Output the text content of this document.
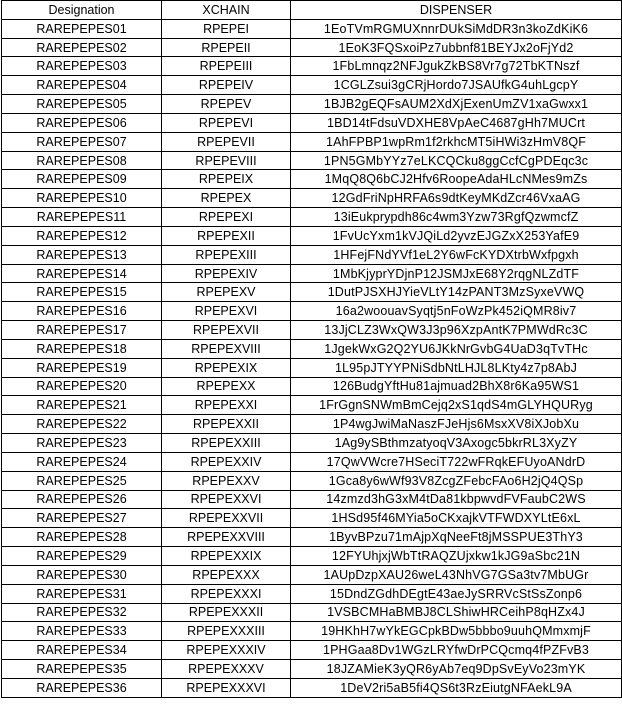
Designation	XCHAIN	DISPENSER
RAREPEPES01	RPEPEI	1EoTVmRGMUXnnrDUkSiMdDR3n3koZdKiK6
RAREPEPES02	RPEPEII	1EoK3FQSxoiPz7ubbnf81BEYJx2oFjYd2
RAREPEPES03	RPEPEIII	1FbLmnqz2NFJgukZkBS8Vr7g72TbKTNszf
RAREPEPES04	RPEPEIV	1CGLZsui3gCRjHordo7JSAUfkG4uhLgcpY
RAREPEPES05	RPEPEV	1BJB2gEQFsAUM2XdXjExenUmZV1xaGwxx1
RAREPEPES06	RPEPEVI	1BD14tFdsuVDXHE8VpAeC4687gHh7MUCrt
RAREPEPES07	RPEPEVII	1AhFPBP1wpRm1f2rkhcMT5iHWi3zHmV8QF
RAREPEPES08	RPEPEVIII	1PN5GMbYYz7eLKCQCku8ggCcfCgPDEqc3c
RAREPEPES09	RPEPEIX	1MqQ8Q6bCJ2Hfv6RoopeAdaHLcNMes9mZs
RAREPEPES10	RPEPEX	12GdFriNpHRFA6s9dtKeyMKdZcr46VxaAG
RAREPEPES11	RPEPEXI	13iEukprypdh86c4wm3Yzw73RgfQzwmcfZ
RAREPEPES12	RPEPEXII	1FvUcYxm1kVJQiLd2yvzEJGZxX253YafE9
RAREPEPES13	RPEPEXIII	1HFejFNdYVf1eL2Y6wFcKYDXtrbWxfpgxh
RAREPEPES14	RPEPEXIV	1MbKjyprYDjnP12JSMJxE68Y2rqgNLZdTF
RAREPEPES15	RPEPEXV	1DutPJSXHJYieVLtY14zPANT3MzSyxeVWQ
RAREPEPES16	RPEPEXVI	16a2woouavSyqtj5nFoWzPk452iQMR8iv7
RAREPEPES17	RPEPEXVII	13JjCLZ3WxQW3J3p96XzpAntK7PMWdRc3C
RAREPEPES18	RPEPEXVIII	1JgekWxG2Q2YU6JKkNrGvbG4UaD3qTvTHc
RAREPEPES19	RPEPEXIX	1L95pJTYYPNiSdbNtLHJL8LKty4z7p8AbJ
RAREPEPES20	RPEPEXX	126BudgYftHu81ajmuad2BhX8r6Ka95WS1
RAREPEPES21	RPEPEXXI	1FrGgnSNWmBmCejq2xS1qdS4mGLYHQURyg
RAREPEPES22	RPEPEXXII	1P4wgJwiMaNaszFJeHjs6MsxXV8iXJobXu
RAREPEPES23	RPEPEXXIII	1Ag9ySBthmzatyoqV3Axogc5bkrRL3XyZY
RAREPEPES24	RPEPEXXIV	17QwVWcre7HSeciT722wFRqkEFUyoANdrD
RAREPEPES25	RPEPEXXV	1Gca8y6wWf93V8ZcgZFebcFAo6H2jQ4QSp
RAREPEPES26	RPEPEXXVI	14zmzd3hG3xM4tDa81kbpwvdFVFaubC2WS
RAREPEPES27	RPEPEXXVII	1HSd95f46MYia5oCKxajkVTFWDXYLtE6xL
RAREPEPES28	RPEPEXXVIII	1ByvBPzu71mAjpXqNeeFt8jMSSPUE3ThY3
RAREPEPES29	RPEPEXXIX	12FYUhjxjWbTtRAQZUjxkw1kJG9aSbc21N
RAREPEPES30	RPEPEXXX	1AUpDzpXAU26weL43NhVG7GSa3tv7MbUGr
RAREPEPES31	RPEPEXXXI	15DndZGdhDEgtE43aeJySRRVcStSsZonp6
RAREPEPES32	RPEPEXXXII	1VSBCMHaBMBJ8CLShiwHRCeihP8qHZx4J
RAREPEPES33	RPEPEXXXIII	19HKhH7wYkEGCpkBDw5bbbo9uuhQMmxmjF
RAREPEPES34	RPEPEXXXIV	1PHGaa8Dv1WGzLRYfwDrPCQcmq4fPZFvB3
RAREPEPES35	RPEPEXXXV	18JZAMieK3yQR6yAb7eq9DpSvEyVo23mYK
RAREPEPES36	RPEPEXXXVI	1DeV2ri5aB5fi4QS6t3RzEiutgNFAekL9A
